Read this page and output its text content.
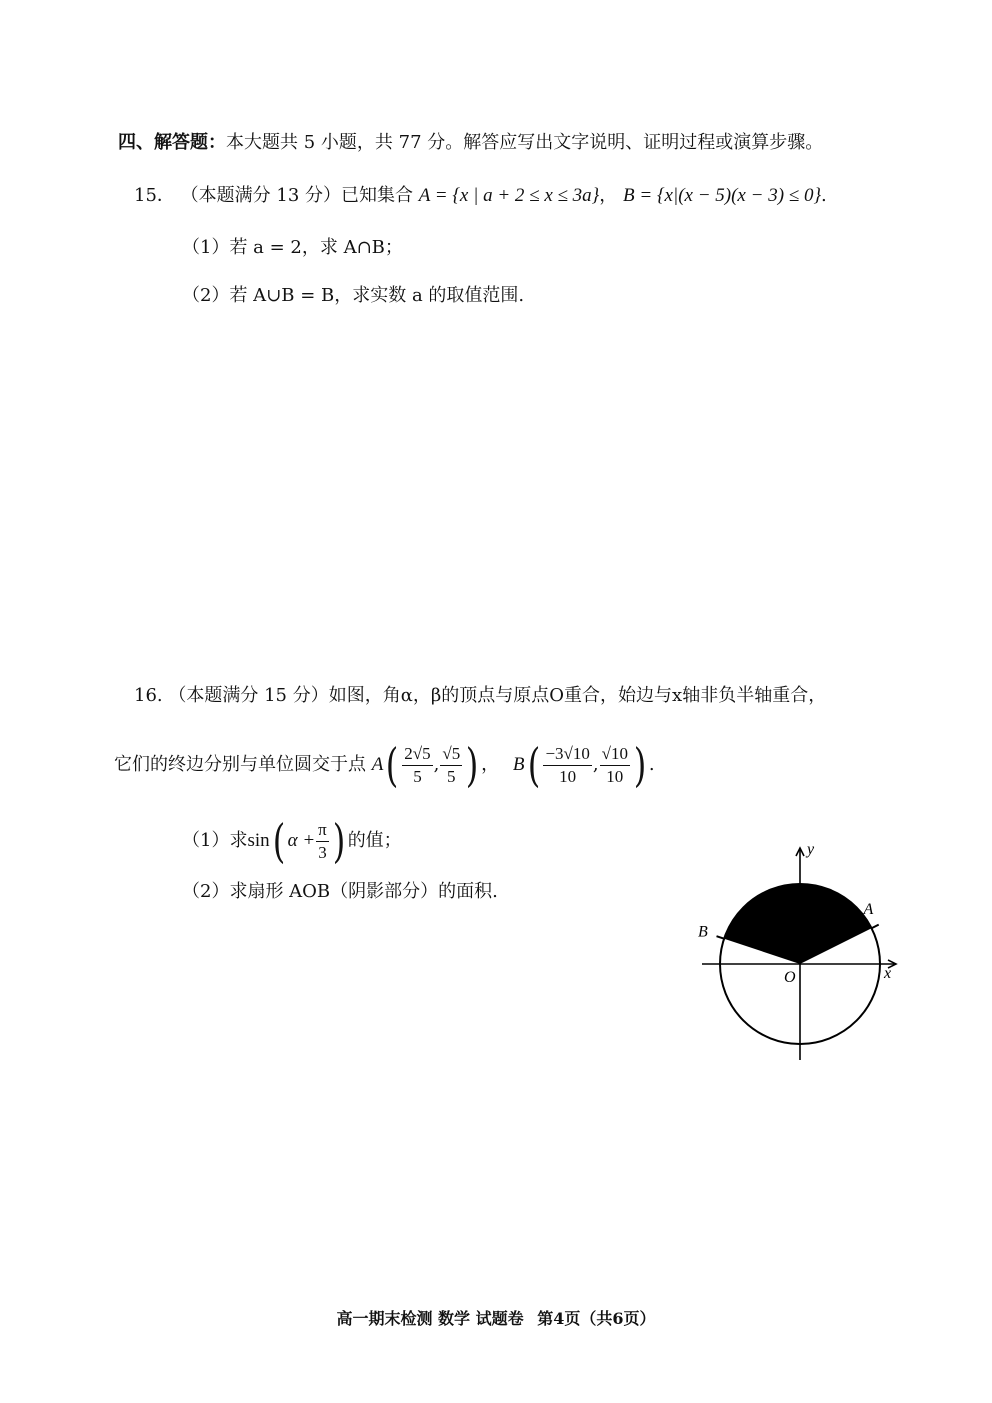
四、解答题：本大题共 5 小题，共 77 分。解答应写出文字说明、证明过程或演算步骤。
15． （本题满分 13 分）已知集合 A = {x | a + 2 ≤ x ≤ 3a}， B = {x|(x − 5)(x − 3) ≤ 0}.
（1）若 a = 2，求 A∩B；
（2）若 A∪B = B，求实数 a 的取值范围.
16. （本题满分 15 分）如图，角α，β的顶点与原点O重合，始边与x轴非负半轴重合，
它们的终边分别与单位圆交于点 $A( \frac{2√5}{5}$ , $\frac{√5}{5}$ ) ， $B( \frac{-3√10}{10}$ , $\frac{√10}{10}$ ) .
（1）求sin( $\alpha + \frac{\pi}{3}$ ) 的值；
（2）求扇形 AOB（阴影部分）的面积.
y
x
O
A
B
高一期末检测 数学 试题卷 第4页（共6页）
